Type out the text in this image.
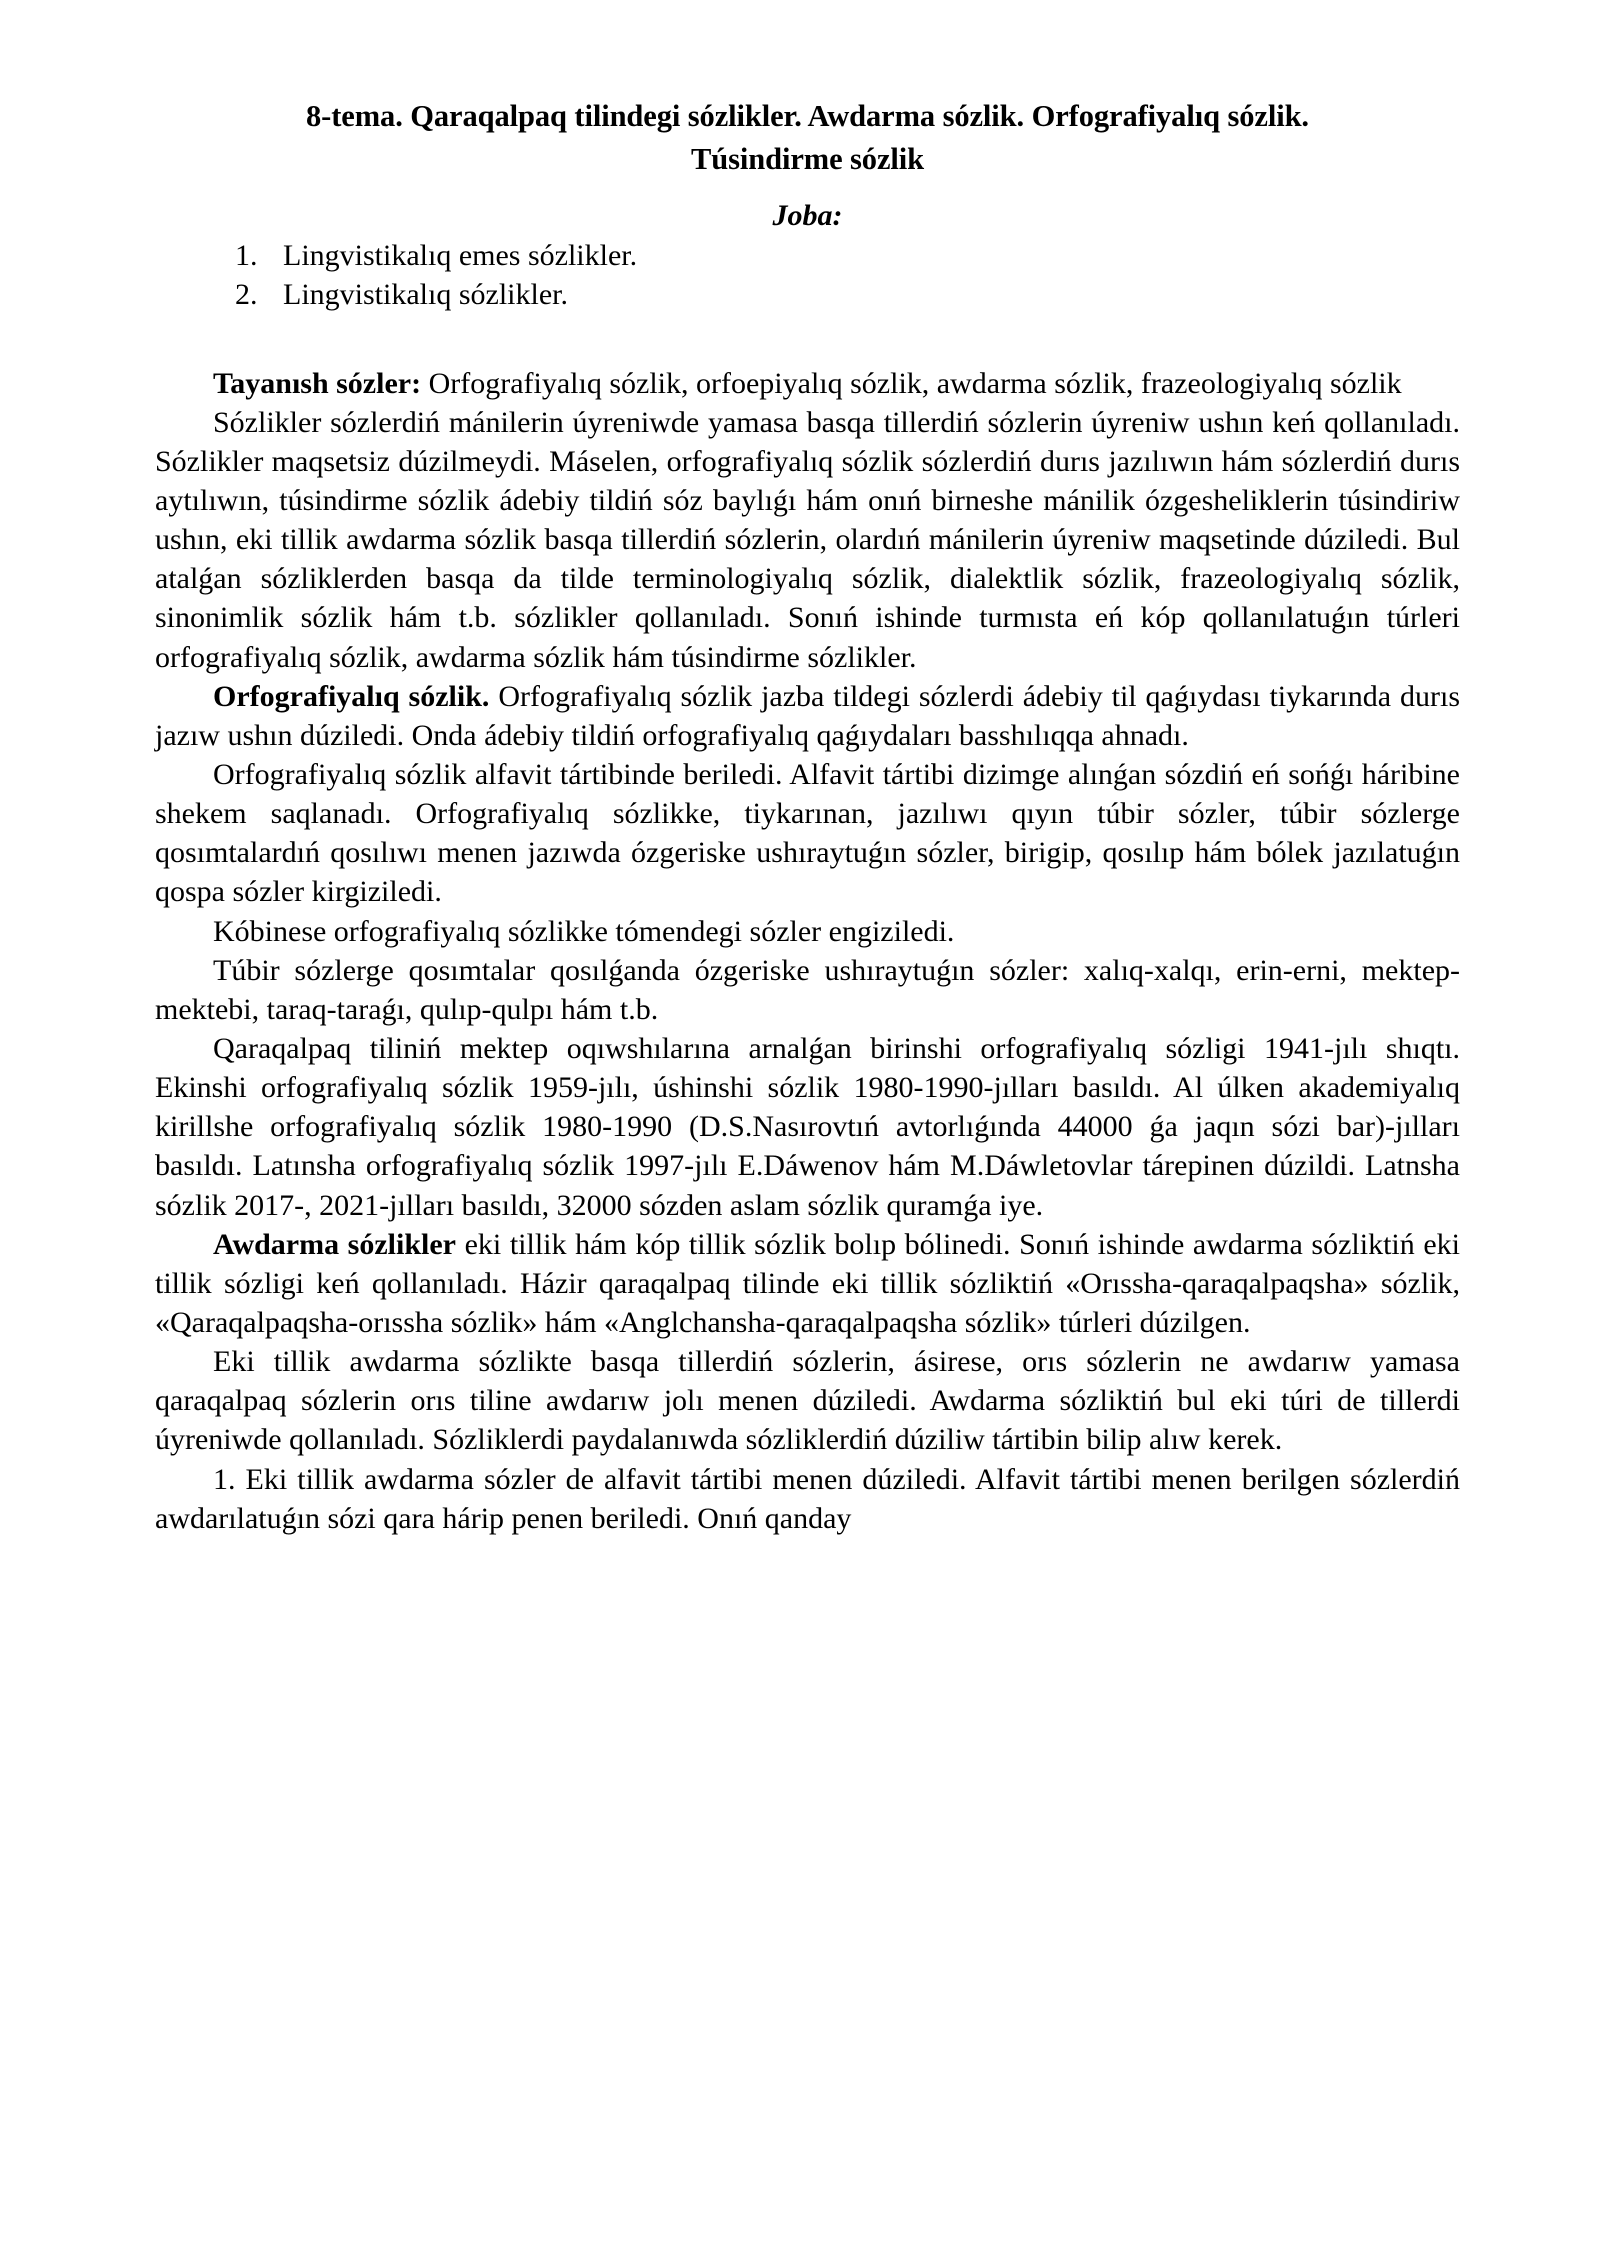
8-tema. Qaraqalpaq tilindegi sózlikler. Awdarma sózlik. Orfografiyalıq sózlik.
Túsindirme sózlik
Joba:
1. Lingvistikalıq emes sózlikler.
2. Lingvistikalıq sózlikler.

Tayanısh sózler: Orfografiyalıq sózlik, orfoepiyalıq sózlik, awdarma sózlik, frazeologiyalıq sózlik

Sózlikler sózlerdiń mánilerin úyreniwde yamasa basqa tillerdiń sózlerin úyreniw ushın keń qollanıladı. Sózlikler maqsetsiz dúzilmeydi. Máselen, orfografiyalıq sózlik sózlerdiń durıs jazılıwın hám sózlerdiń durıs aytılıwın, túsindirme sózlik ádebiy tildiń sóz baylıǵı hám onıń birneshe mánilik ózgesheliklerin túsindiriw ushın, eki tillik awdarma sózlik basqa tillerdiń sózlerin, olardıń mánilerin úyreniw maqsetinde dúziledi. Bul atalǵan sózliklerden basqa da tilde terminologiyalıq sózlik, dialektlik sózlik, frazeologiyalıq sózlik, sinonimlik sózlik hám t.b. sózlikler qollanıladı. Sonıń ishinde turmısta eń kóp qollanılatuǵın túrleri orfografiyalıq sózlik, awdarma sózlik hám túsindirme sózlikler.

Orfografiyalıq sózlik. Orfografiyalıq sózlik jazba tildegi sózlerdi ádebiy til qaǵıydası tiykarında durıs jazıw ushın dúziledi. Onda ádebiy tildiń orfografiyalıq qaǵıydaları basshılıqqa ahnadı.

Orfografiyalıq sózlik alfavit tártibinde beriledi. Alfavit tártibi dizimge alınǵan sózdiń eń sońǵı háribine shekem saqlanadı. Orfografiyalıq sózlikke, tiykarınan, jazılıwı qıyın túbir sózler, túbir sózlerge qosımtalardıń qosılıwı menen jazıwda ózgeriske ushıraytuǵın sózler, birigip, qosılıp hám bólek jazılatuǵın qospa sózler kirgiziledi.

Kóbinese orfografiyalıq sózlikke tómendegi sózler engiziledi.

Túbir sózlerge qosımtalar qosılǵanda ózgeriske ushıraytuǵın sózler: xalıq-xalqı, erin-erni, mektep-mektebi, taraq-taraǵı, qulıp-qulpı hám t.b.

Qaraqalpaq tiliniń mektep oqıwshılarına arnalǵan birinshi orfografiyalıq sózligi 1941-jılı shıqtı. Ekinshi orfografiyalıq sózlik 1959-jılı, úshinshi sózlik 1980-1990-jılları basıldı. Al úlken akademiyalıq kirillshe orfografiyalıq sózlik 1980-1990 (D.S.Nasırovtıń avtorlıǵında 44000 ǵa jaqın sózi bar)-jılları basıldı. Latınsha orfografiyalıq sózlik 1997-jılı E.Dáwenov hám M.Dáwletovlar tárepinen dúzildi. Latnsha sózlik 2017-, 2021-jılları basıldı, 32000 sózden aslam sózlik quramǵa iye.

Awdarma sózlikler eki tillik hám kóp tillik sózlik bolıp bólinedi. Sonıń ishinde awdarma sózliktiń eki tillik sózligi keń qollanıladı. Házir qaraqalpaq tilinde eki tillik sózliktiń «Orıssha-qaraqalpaqsha» sózlik, «Qaraqalpaqsha-orıssha sózlik» hám «Anglchansha-qaraqalpaqsha sózlik» túrleri dúzilgen.

Eki tillik awdarma sózlikte basqa tillerdiń sózlerin, ásirese, orıs sózlerin ne awdarıw yamasa qaraqalpaq sózlerin orıs tiline awdarıw jolı menen dúziledi. Awdarma sózliktiń bul eki túri de tillerdi úyreniwde qollanıladı. Sózliklerdi paydalanıwda sózliklerdiń dúziliw tártibin bilip alıw kerek.

1. Eki tillik awdarma sózler de alfavit tártibi menen dúziledi. Alfavit tártibi menen berilgen sózlerdiń awdarılatuǵın sózi qara hárip penen beriledi. Onıń qanday
